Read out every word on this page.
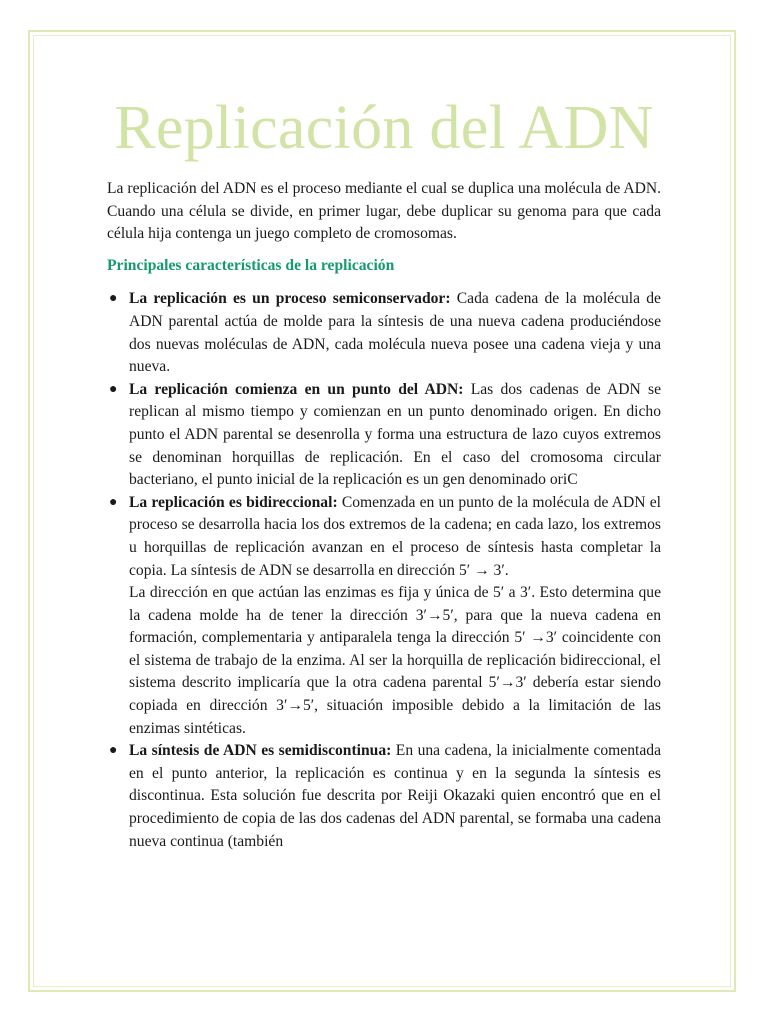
Replicación del ADN

La replicación del ADN es el proceso mediante el cual se duplica una molécula de ADN. Cuando una célula se divide, en primer lugar, debe duplicar su genoma para que cada célula hija contenga un juego completo de cromosomas.

Principales características de la replicación

● La replicación es un proceso semiconservador: Cada cadena de la molécula de ADN parental actúa de molde para la síntesis de una nueva cadena produciéndose dos nuevas moléculas de ADN, cada molécula nueva posee una cadena vieja y una nueva.

● La replicación comienza en un punto del ADN: Las dos cadenas de ADN se replican al mismo tiempo y comienzan en un punto denominado origen. En dicho punto el ADN parental se desenrolla y forma una estructura de lazo cuyos extremos se denominan horquillas de replicación. En el caso del cromosoma circular bacteriano, el punto inicial de la replicación es un gen denominado oriC

● La replicación es bidireccional: Comenzada en un punto de la molécula de ADN el proceso se desarrolla hacia los dos extremos de la cadena; en cada lazo, los extremos u horquillas de replicación avanzan en el proceso de síntesis hasta completar la copia. La síntesis de ADN se desarrolla en dirección 5′ → 3′.

La dirección en que actúan las enzimas es fija y única de 5′ a 3′. Esto determina que la cadena molde ha de tener la dirección 3′→5′, para que la nueva cadena en formación, complementaria y antiparalela tenga la dirección 5′ →3′ coincidente con el sistema de trabajo de la enzima. Al ser la horquilla de replicación bidireccional, el sistema descrito implicaría que la otra cadena parental 5′→3′ debería estar siendo copiada en dirección 3′→5′, situación imposible debido a la limitación de las enzimas sintéticas.

● La síntesis de ADN es semidiscontinua: En una cadena, la inicialmente comentada en el punto anterior, la replicación es continua y en la segunda la síntesis es discontinua. Esta solución fue descrita por Reiji Okazaki quien encontró que en el procedimiento de copia de las dos cadenas del ADN parental, se formaba una cadena nueva continua (también
